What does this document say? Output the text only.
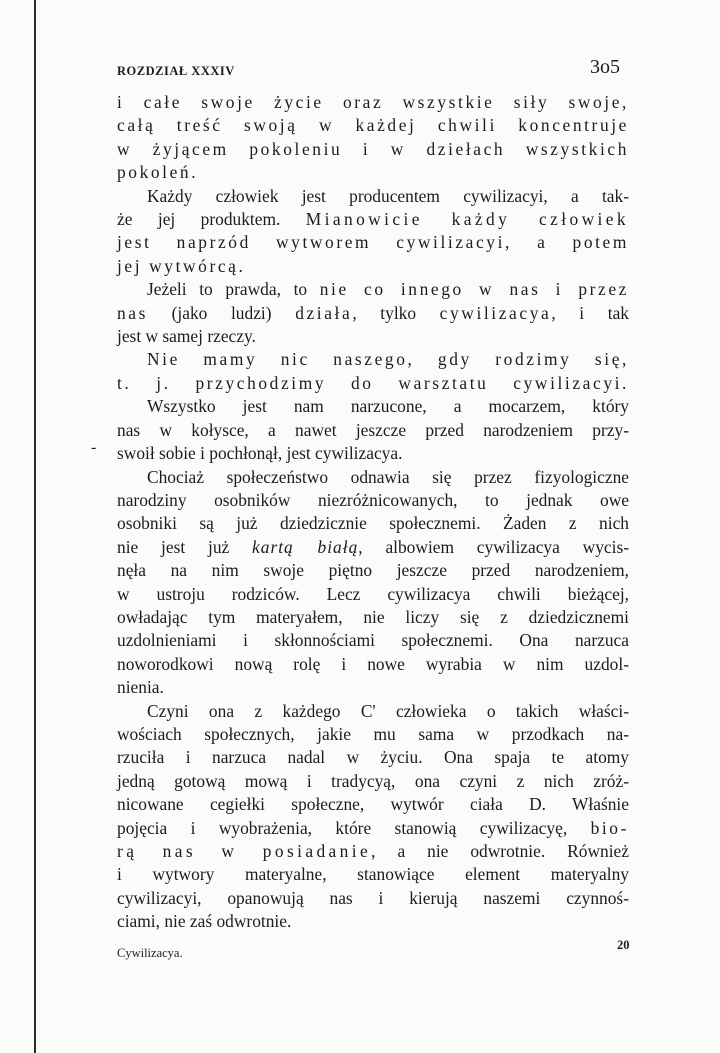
ROZDZIAŁ XXXIV	3o5
-

i całe swoje życie oraz wszystkie siły swoje,

całą treść swoją w każdej chwili koncentruje

w żyjącem pokoleniu i w dziełach wszystkich

pokoleń.

Każdy człowiek jest producentem cywilizacyi, a tak-

że jej produktem. Mianowicie każdy człowiek

jest naprzód wytworem cywilizacyi, a potem

jej wytwórcą.

Jeżeli to prawda, to nie co innego w nas i przez

nas (jako ludzi) działa, tylko cywilizacya, i tak

jest w samej rzeczy.

Nie mamy nic naszego, gdy rodzimy się,

t. j. przychodzimy do warsztatu cywilizacyi.

Wszystko jest nam narzucone, a mocarzem, który

nas w kołysce, a nawet jeszcze przed narodzeniem przy-

swoił sobie i pochłonął, jest cywilizacya.

Chociaż społeczeństwo odnawia się przez fizyologiczne

narodziny osobników niezróżnicowanych, to jednak owe

osobniki są już dziedzicznie społecznemi. Żaden z nich

nie jest już kartą białą, albowiem cywilizacya wycis-

nęła na nim swoje piętno jeszcze przed narodzeniem,

w ustroju rodziców. Lecz cywilizacya chwili bieżącej,

owładając tym materyałem, nie liczy się z dziedzicznemi

uzdolnieniami i skłonnościami społecznemi. Ona narzuca

noworodkowi nową rolę i nowe wyrabia w nim uzdol-

nienia.

Czyni ona z każdego C' człowieka o takich właści-

wościach społecznych, jakie mu sama w przodkach na-

rzuciła i narzuca nadal w życiu. Ona spaja te atomy

jedną gotową mową i tradycyą, ona czyni z nich zróż-

nicowane cegiełki społeczne, wytwór ciała D. Właśnie

pojęcia i wyobrażenia, które stanowią cywilizacyę, bio-

rą nas w posiadanie, a nie odwrotnie. Również

i wytwory materyalne, stanowiące element materyalny

cywilizacyi, opanowują nas i kierują naszemi czynnoś-

ciami, nie zaś odwrotnie.

Cywilizacya.
20
